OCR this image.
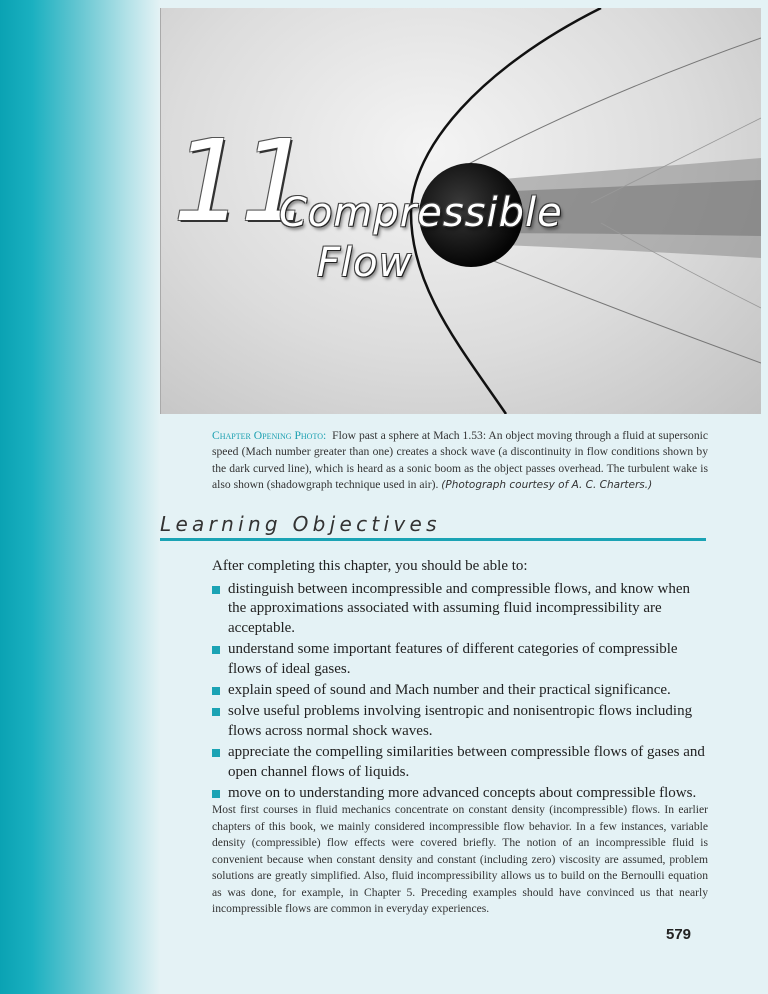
11
Compressible
Flow
Chapter Opening Photo: Flow past a sphere at Mach 1.53: An object moving through a fluid at supersonic speed (Mach number greater than one) creates a shock wave (a discontinuity in flow conditions shown by the dark curved line), which is heard as a sonic boom as the object passes overhead. The turbulent wake is also shown (shadowgraph technique used in air). (Photograph courtesy of A. C. Charters.)
Learning Objectives
After completing this chapter, you should be able to:
distinguish between incompressible and compressible flows, and know when the approximations associated with assuming fluid incompressibility are acceptable.
understand some important features of different categories of compressible flows of ideal gases.
explain speed of sound and Mach number and their practical significance.
solve useful problems involving isentropic and nonisentropic flows including flows across normal shock waves.
appreciate the compelling similarities between compressible flows of gases and open channel flows of liquids.
move on to understanding more advanced concepts about compressible flows.
Most first courses in fluid mechanics concentrate on constant density (incompressible) flows. In earlier chapters of this book, we mainly considered incompressible flow behavior. In a few instances, variable density (compressible) flow effects were covered briefly. The notion of an incompressible fluid is convenient because when constant density and constant (including zero) viscosity are assumed, problem solutions are greatly simplified. Also, fluid incompressibility allows us to build on the Bernoulli equation as was done, for example, in Chapter 5. Preceding examples should have convinced us that nearly incompressible flows are common in everyday experiences.
579
